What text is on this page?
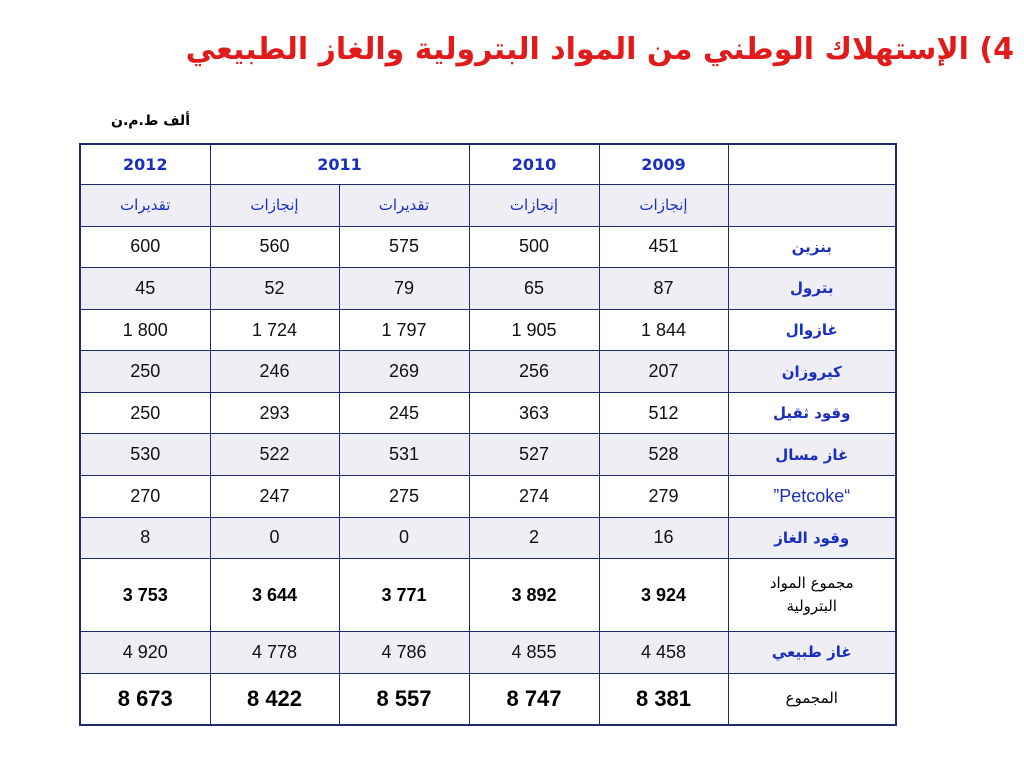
4) الإستهلاك الوطني من المواد البترولية والغاز الطبيعي
ألف ط.م.ن
2012	2011		2010	2009	
تقديرات	إنجازات	تقديرات	إنجازات	إنجازات	
600	560	575	500	451	بنزين
45	52	79	65	87	بترول
1 800	1 724	1 797	1 905	1 844	غازوال
250	246	269	256	207	كيروزان
250	293	245	363	512	وقود ثقيل
530	522	531	527	528	غاز مسال
270	247	275	274	279	”Petcoke“
8	0	0	2	16	وقود الغاز
3 753	3 644	3 771	3 892	3 924	مجموع المواد
البترولية
4 920	4 778	4 786	4 855	4 458	غاز طبيعي
8 673	8 422	8 557	8 747	8 381	المجموع
